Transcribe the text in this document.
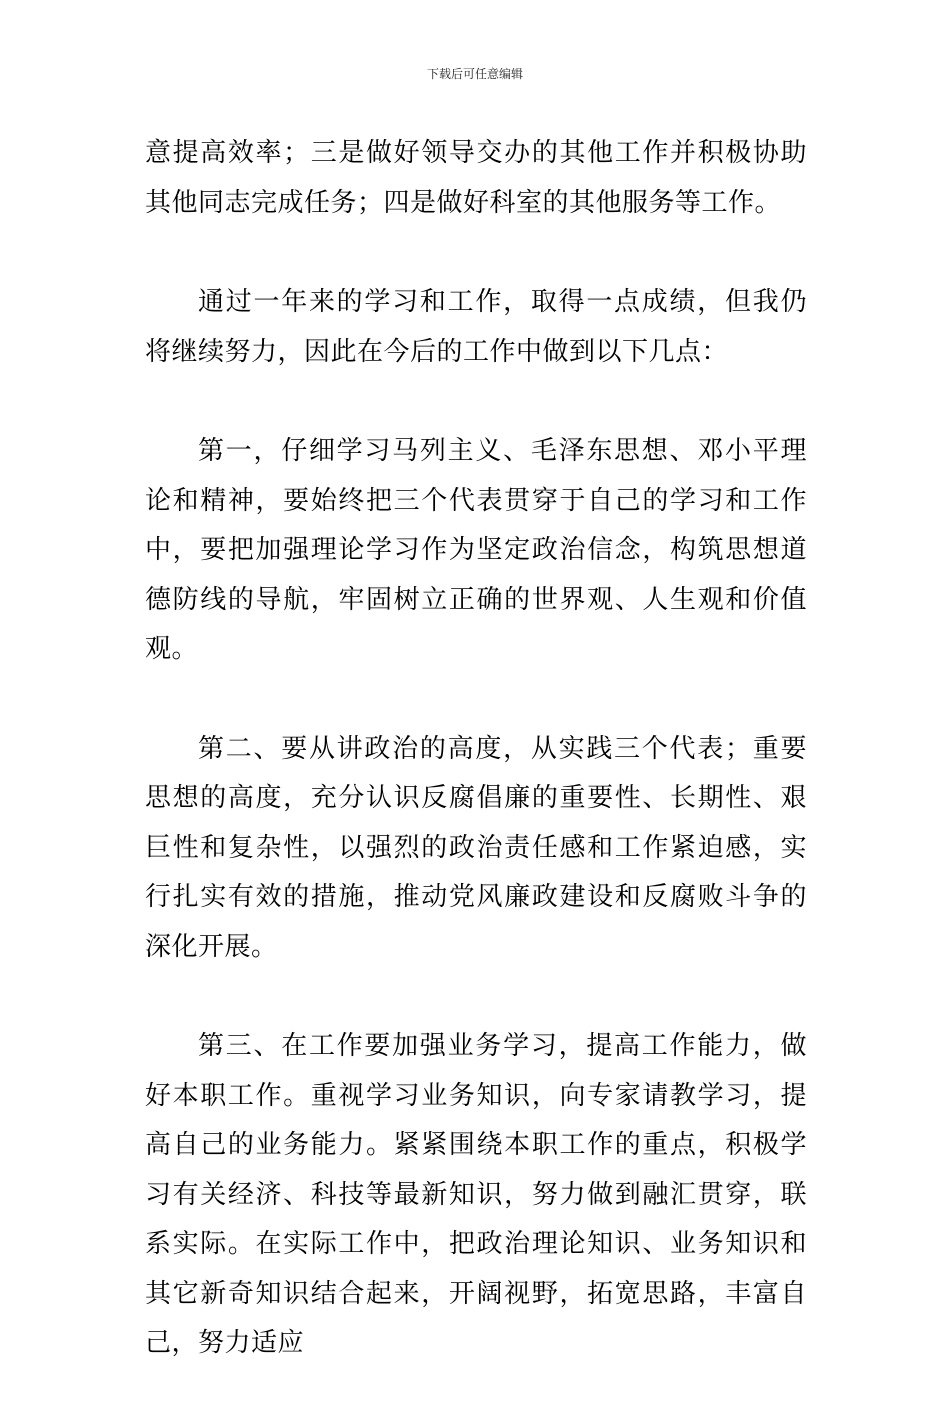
下载后可任意编辑

意提高效率；三是做好领导交办的其他工作并积极协助其他同志完成任务；四是做好科室的其他服务等工作。

通过一年来的学习和工作，取得一点成绩，但我仍将继续努力，因此在今后的工作中做到以下几点：

第一，仔细学习马列主义、毛泽东思想、邓小平理论和精神，要始终把三个代表贯穿于自己的学习和工作中，要把加强理论学习作为坚定政治信念，构筑思想道德防线的导航，牢固树立正确的世界观、人生观和价值观。

第二、要从讲政治的高度，从实践三个代表；重要思想的高度，充分认识反腐倡廉的重要性、长期性、艰巨性和复杂性，以强烈的政治责任感和工作紧迫感，实行扎实有效的措施，推动党风廉政建设和反腐败斗争的深化开展。

第三、在工作要加强业务学习，提高工作能力，做好本职工作。重视学习业务知识，向专家请教学习，提高自己的业务能力。紧紧围绕本职工作的重点，积极学习有关经济、科技等最新知识，努力做到融汇贯穿，联系实际。在实际工作中，把政治理论知识、业务知识和其它新奇知识结合起来，开阔视野，拓宽思路，丰富自己，努力适应
